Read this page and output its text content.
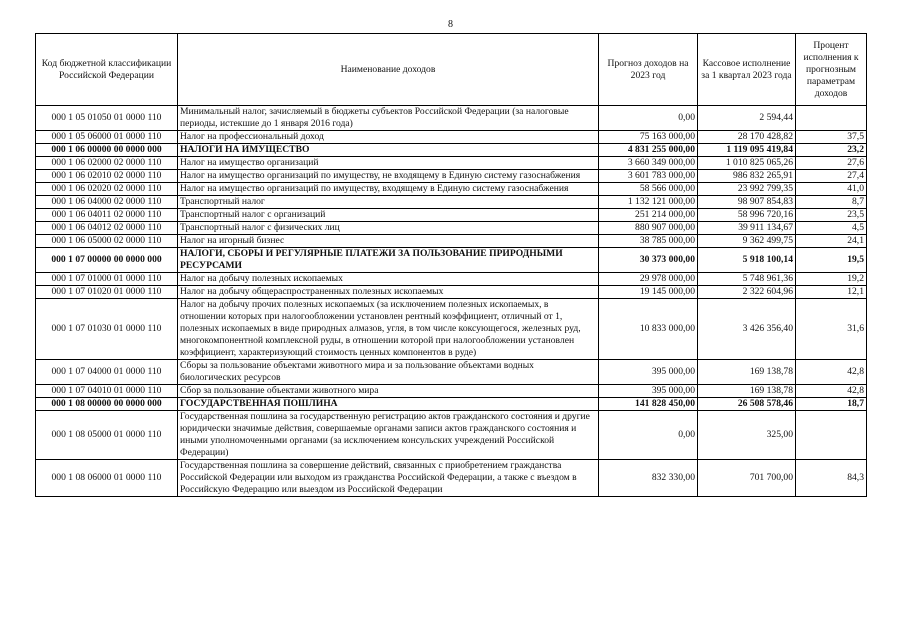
8
Код бюджетной классификации Российской Федерации	Наименование доходов	Прогноз доходов на 2023 год	Кассовое исполнение за 1 квартал 2023 года	Процент исполнения к прогнозным параметрам доходов
000 1 05 01050 01 0000 110	Минимальный налог, зачисляемый в бюджеты субъектов Российской Федерации (за налоговые периоды, истекшие до 1 января 2016 года)	0,00	2 594,44	
000 1 05 06000 01 0000 110	Налог на профессиональный доход	75 163 000,00	28 170 428,82	37,5
000 1 06 00000 00 0000 000	НАЛОГИ НА ИМУЩЕСТВО	4 831 255 000,00	1 119 095 419,84	23,2
000 1 06 02000 02 0000 110	Налог на имущество организаций	3 660 349 000,00	1 010 825 065,26	27,6
000 1 06 02010 02 0000 110	Налог на имущество организаций по имуществу, не входящему в Единую систему газоснабжения	3 601 783 000,00	986 832 265,91	27,4
000 1 06 02020 02 0000 110	Налог на имущество организаций по имуществу, входящему в Единую систему газоснабжения	58 566 000,00	23 992 799,35	41,0
000 1 06 04000 02 0000 110	Транспортный налог	1 132 121 000,00	98 907 854,83	8,7
000 1 06 04011 02 0000 110	Транспортный налог с организаций	251 214 000,00	58 996 720,16	23,5
000 1 06 04012 02 0000 110	Транспортный налог с физических лиц	880 907 000,00	39 911 134,67	4,5
000 1 06 05000 02 0000 110	Налог на игорный бизнес	38 785 000,00	9 362 499,75	24,1
000 1 07 00000 00 0000 000	НАЛОГИ, СБОРЫ И РЕГУЛЯРНЫЕ ПЛАТЕЖИ ЗА ПОЛЬЗОВАНИЕ ПРИРОДНЫМИ РЕСУРСАМИ	30 373 000,00	5 918 100,14	19,5
000 1 07 01000 01 0000 110	Налог на добычу полезных ископаемых	29 978 000,00	5 748 961,36	19,2
000 1 07 01020 01 0000 110	Налог на добычу общераспространенных полезных ископаемых	19 145 000,00	2 322 604,96	12,1
000 1 07 01030 01 0000 110	Налог на добычу прочих полезных ископаемых (за исключением полезных ископаемых, в отношении которых при налогообложении установлен рентный коэффициент, отличный от 1, полезных ископаемых в виде природных алмазов, угля, в том числе коксующегося, железных руд, многокомпонентной комплексной руды, в отношении которой при налогообложении установлен коэффициент, характеризующий стоимость ценных компонентов в руде)	10 833 000,00	3 426 356,40	31,6
000 1 07 04000 01 0000 110	Сборы за пользование объектами животного мира и за пользование объектами водных биологических ресурсов	395 000,00	169 138,78	42,8
000 1 07 04010 01 0000 110	Сбор за пользование объектами животного мира	395 000,00	169 138,78	42,8
000 1 08 00000 00 0000 000	ГОСУДАРСТВЕННАЯ ПОШЛИНА	141 828 450,00	26 508 578,46	18,7
000 1 08 05000 01 0000 110	Государственная пошлина за государственную регистрацию актов гражданского состояния и другие юридически значимые действия, совершаемые органами записи актов гражданского состояния и иными уполномоченными органами (за исключением консульских учреждений Российской Федерации)	0,00	325,00	
000 1 08 06000 01 0000 110	Государственная пошлина за совершение действий, связанных с приобретением гражданства Российской Федерации или выходом из гражданства Российской Федерации, а также с въездом в Российскую Федерацию или выездом из Российской Федерации	832 330,00	701 700,00	84,3
